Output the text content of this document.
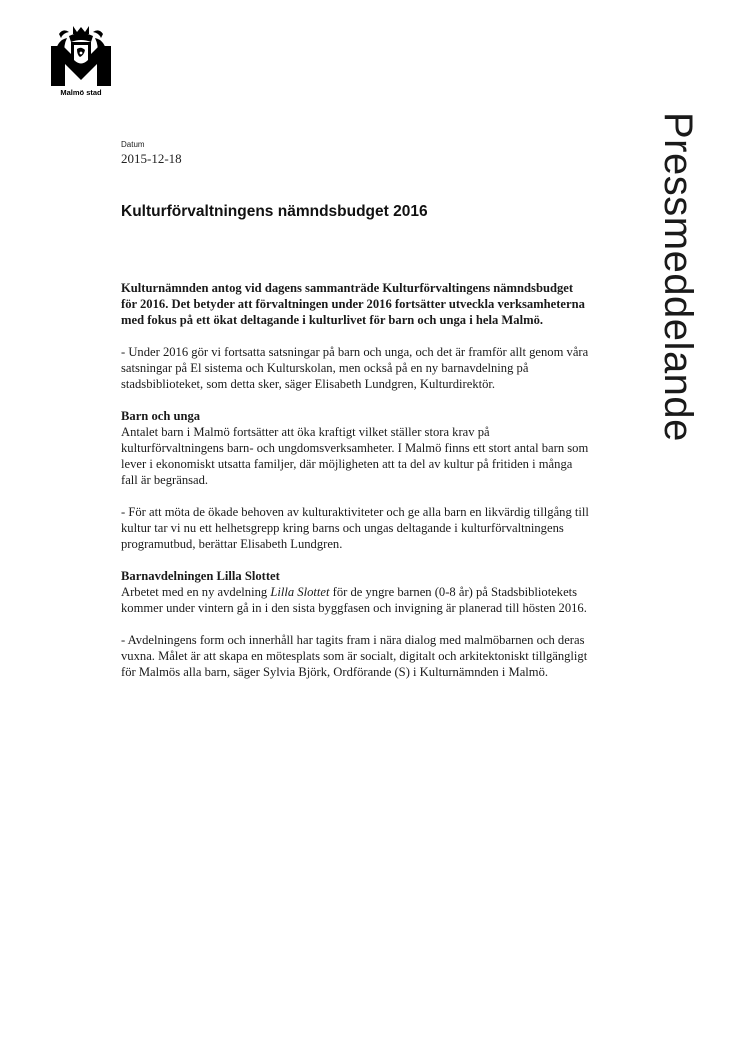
Malmö stad
Pressmeddelande
Datum
2015-12-18
Kulturförvaltningens nämndsbudget 2016

Kulturnämnden antog vid dagens sammanträde Kulturförvaltingens nämndsbudget för 2016. Det betyder att förvaltningen under 2016 fortsätter utveckla verksamheterna med fokus på ett ökat deltagande i kulturlivet för barn och unga i hela Malmö.

- Under 2016 gör vi fortsatta satsningar på barn och unga, och det är framför allt genom våra satsningar på El sistema och Kulturskolan, men också på en ny barnavdelning på stadsbiblioteket, som detta sker, säger Elisabeth Lundgren, Kulturdirektör.

Barn och unga

Antalet barn i Malmö fortsätter att öka kraftigt vilket ställer stora krav på kulturförvaltningens barn- och ungdomsverksamheter. I Malmö finns ett stort antal barn som lever i ekonomiskt utsatta familjer, där möjligheten att ta del av kultur på fritiden i många fall är begränsad.

- För att möta de ökade behoven av kulturaktiviteter och ge alla barn en likvärdig tillgång till kultur tar vi nu ett helhetsgrepp kring barns och ungas deltagande i kulturförvaltningens programutbud, berättar Elisabeth Lundgren.

Barnavdelningen Lilla Slottet

Arbetet med en ny avdelning Lilla Slottet för de yngre barnen (0-8 år) på Stadsbibliotekets kommer under vintern gå in i den sista byggfasen och invigning är planerad till hösten 2016.

- Avdelningens form och innerhåll har tagits fram i nära dialog med malmöbarnen och deras vuxna. Målet är att skapa en mötesplats som är socialt, digitalt och arkitektoniskt tillgängligt för Malmös alla barn, säger Sylvia Björk, Ordförande (S) i Kulturnämnden i Malmö.
